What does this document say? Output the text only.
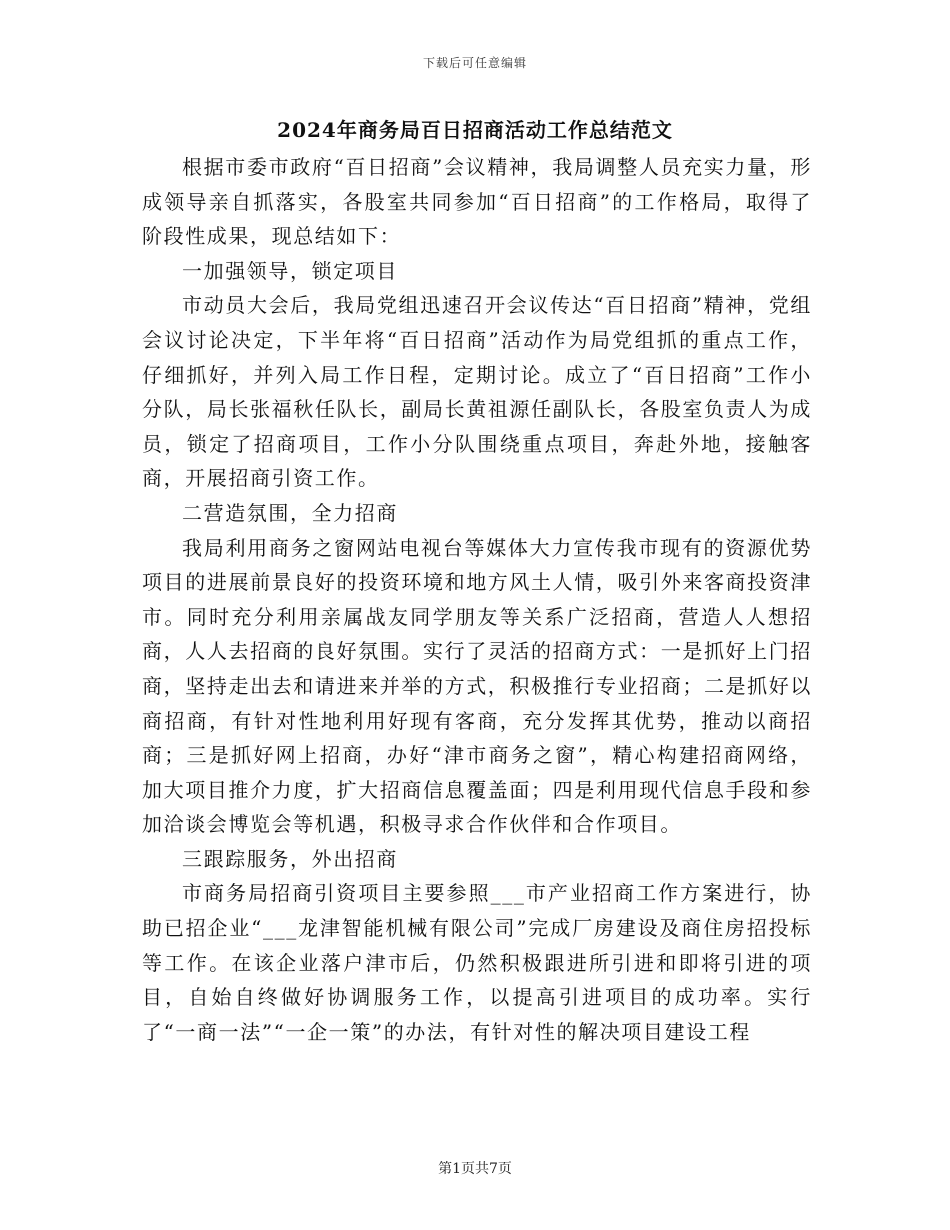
下载后可任意编辑
2024年商务局百日招商活动工作总结范文

根据市委市政府“百日招商”会议精神，我局调整人员充实力量，形成领导亲自抓落实，各股室共同参加“百日招商”的工作格局，取得了阶段性成果，现总结如下：

一加强领导，锁定项目

市动员大会后，我局党组迅速召开会议传达“百日招商”精神，党组会议讨论决定，下半年将“百日招商”活动作为局党组抓的重点工作，仔细抓好，并列入局工作日程，定期讨论。成立了“百日招商”工作小分队，局长张福秋任队长，副局长黄祖源任副队长，各股室负责人为成员，锁定了招商项目，工作小分队围绕重点项目，奔赴外地，接触客商，开展招商引资工作。

二营造氛围，全力招商

我局利用商务之窗网站电视台等媒体大力宣传我市现有的资源优势项目的进展前景良好的投资环境和地方风土人情，吸引外来客商投资津市。同时充分利用亲属战友同学朋友等关系广泛招商，营造人人想招商，人人去招商的良好氛围。实行了灵活的招商方式：一是抓好上门招商，坚持走出去和请进来并举的方式，积极推行专业招商；二是抓好以商招商，有针对性地利用好现有客商，充分发挥其优势，推动以商招商；三是抓好网上招商，办好“津市商务之窗”，精心构建招商网络，加大项目推介力度，扩大招商信息覆盖面；四是利用现代信息手段和参加洽谈会博览会等机遇，积极寻求合作伙伴和合作项目。

三跟踪服务，外出招商

市商务局招商引资项目主要参照___市产业招商工作方案进行，协助已招企业“___龙津智能机械有限公司”完成厂房建设及商住房招投标等工作。在该企业落户津市后，仍然积极跟进所引进和即将引进的项目，自始自终做好协调服务工作，以提高引进项目的成功率。实行了“一商一法”“一企一策”的办法，有针对性的解决项目建设工程

第1页共7页
